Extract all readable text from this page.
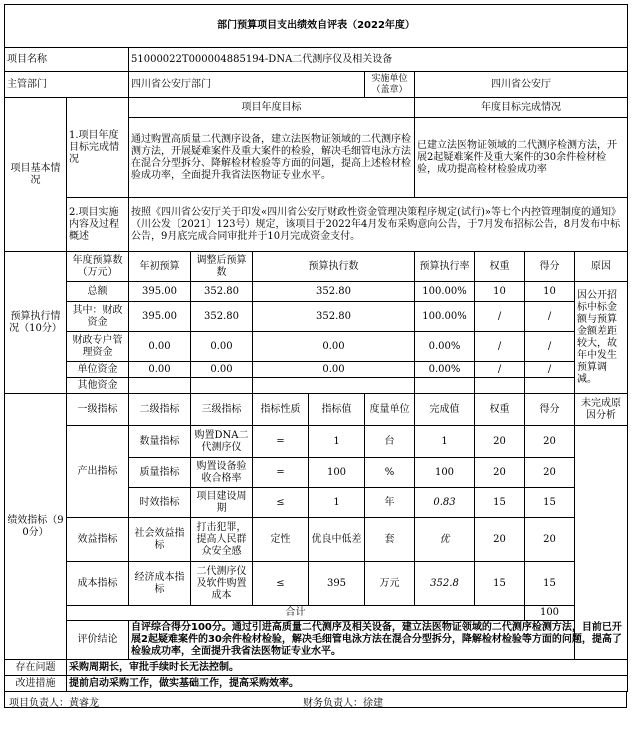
部门预算项目支出绩效自评表（2022年度）										
项目名称		51000022T000004885194-DNA二代测序仪及相关设备								
主管部门		四川省公安厅部门				实施单位（盖章）	四川省公安厅			
项目基本情况	1.项目年度目标完成情况	项目年度目标					年度目标完成情况			
		通过购置高质量二代测序设备，建立法医物证领域的二代测序检测方法，开展疑难案件及重大案件的检验，解决毛细管电泳方法在混合分型拆分、降解检材检验等方面的问题，提高上述检材检验成功率，全面提升我省法医物证专业水平。					已建立法医物证领域的二代测序检测方法，开展2起疑难案件及重大案件的30余件检材检验，成功提高检材检验成功率			
	2.项目实施内容及过程概述	按照《四川省公安厅关于印发«四川省公安厅财政性资金管理决策程序规定(试行)»等七个内控管理制度的通知》（川公发〔2021〕123号）规定，该项目于2022年4月发布采购意向公告，于7月发布招标公告，8月发布中标公告，9月底完成合同审批并于10月完成资金支付。								
预算执行情况（10分）	年度预算数（万元）	年初预算	调整后预算数	预算执行数			预算执行率	权重	得分	原因
	总额	395.00	352.80	352.80			100.00%	10	10	因公开招标中标金额与预算金额差距较大，故年中发生预算调减。
	其中：财政资金	395.00	352.80	352.80			100.00%	/	/	
	财政专户管理资金	0.00	0.00	0.00			0.00%	/	/	
	单位资金	0.00	0.00	0.00			0.00%	/	/	
	其他资金									
绩效指标（90分）	一级指标	二级指标	三级指标	指标性质	指标值	度量单位	完成值	权重	得分	未完成原因分析
	产出指标	数量指标	购置DNA二代测序仪	=	1	台	1	20	20	
		质量指标	购置设备验收合格率	=	100	%	100	20	20	
		时效指标	项目建设周期	≤	1	年	0.83	15	15	
	效益指标	社会效益指标	打击犯罪，提高人民群众安全感	定性	优良中低差	套	优	20	20	
	成本指标	经济成本指标	二代测序仪及软件购置成本	≤	395	万元	352.8	15	15	
	合计								100	
	评价结论	自评综合得分100分。通过引进高质量二代测序及相关设备，建立法医物证领域的二代测序检测方法，目前已开展2起疑难案件的30余件检材检验，解决毛细管电泳方法在混合分型拆分，降解检材检验等方面的问题，提高了检验成功率，全面提升我省法医物证专业水平。								
存在问题	采购周期长，审批手续时长无法控制。									
改进措施	提前启动采购工作，做实基础工作，提高采购效率。									
项目负责人：黄睿龙	财务负责人：徐建
